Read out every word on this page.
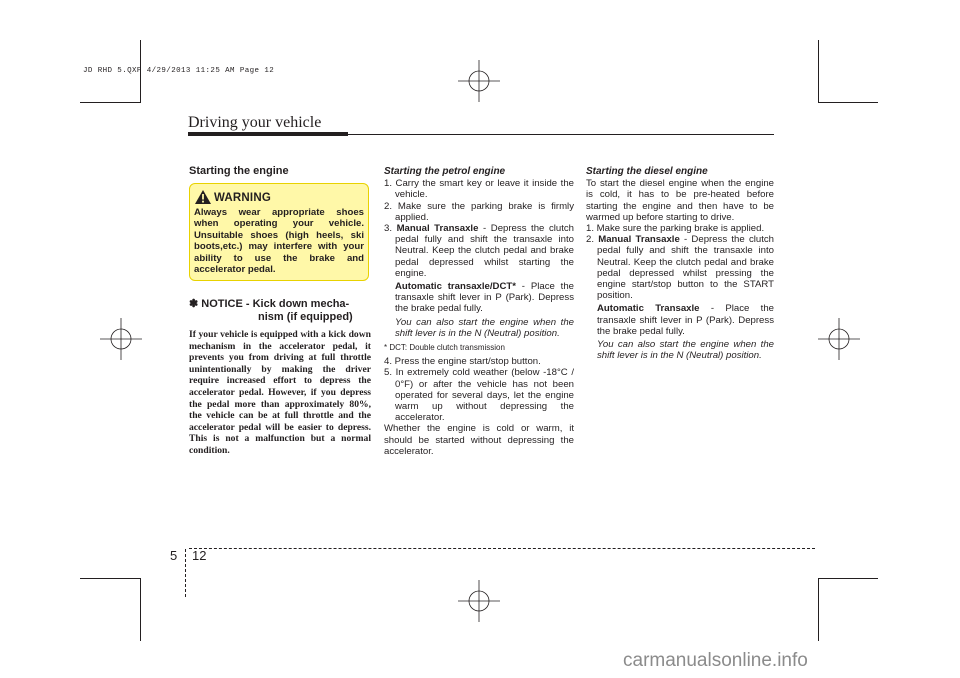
JD RHD 5.QXP 4/29/2013 11:25 AM Page 12
Driving your vehicle

Starting the engine

WARNING

Always wear appropriate shoes when operating your vehicle. Unsuitable shoes (high heels, ski boots,etc.) may interfere with your ability to use the brake and accelerator pedal.

✽ NOTICE - Kick down mecha-
nism (if equipped)
If your vehicle is equipped with a kick down mechanism in the accelerator pedal, it prevents you from driving at full throttle unintentionally by making the driver require increased effort to depress the accelerator pedal. However, if you depress the pedal more than approximately 80%, the vehicle can be at full throttle and the accelerator pedal will be easier to depress. This is not a malfunction but a normal condition.

Starting the petrol engine

1. Carry the smart key or leave it inside the vehicle.

2. Make sure the parking brake is firmly applied.

3. Manual Transaxle - Depress the clutch pedal fully and shift the transaxle into Neutral. Keep the clutch pedal and brake pedal depressed whilst starting the engine.

Automatic transaxle/DCT* - Place the transaxle shift lever in P (Park). Depress the brake pedal fully.

You can also start the engine when the shift lever is in the N (Neutral) position.

* DCT: Double clutch transmission

4. Press the engine start/stop button.

5. In extremely cold weather (below -18°C / 0°F) or after the vehicle has not been operated for several days, let the engine warm up without depressing the accelerator.

Whether the engine is cold or warm, it should be started without depressing the accelerator.

Starting the diesel engine

To start the diesel engine when the engine is cold, it has to be pre-heated before starting the engine and then have to be warmed up before starting to drive.

1. Make sure the parking brake is applied.

2. Manual Transaxle - Depress the clutch pedal fully and shift the transaxle into Neutral. Keep the clutch pedal and brake pedal depressed whilst pressing the engine start/stop button to the START position.

Automatic Transaxle - Place the transaxle shift lever in P (Park). Depress the brake pedal fully.

You can also start the engine when the shift lever is in the N (Neutral) position.

5 12
carmanualsonline.info
